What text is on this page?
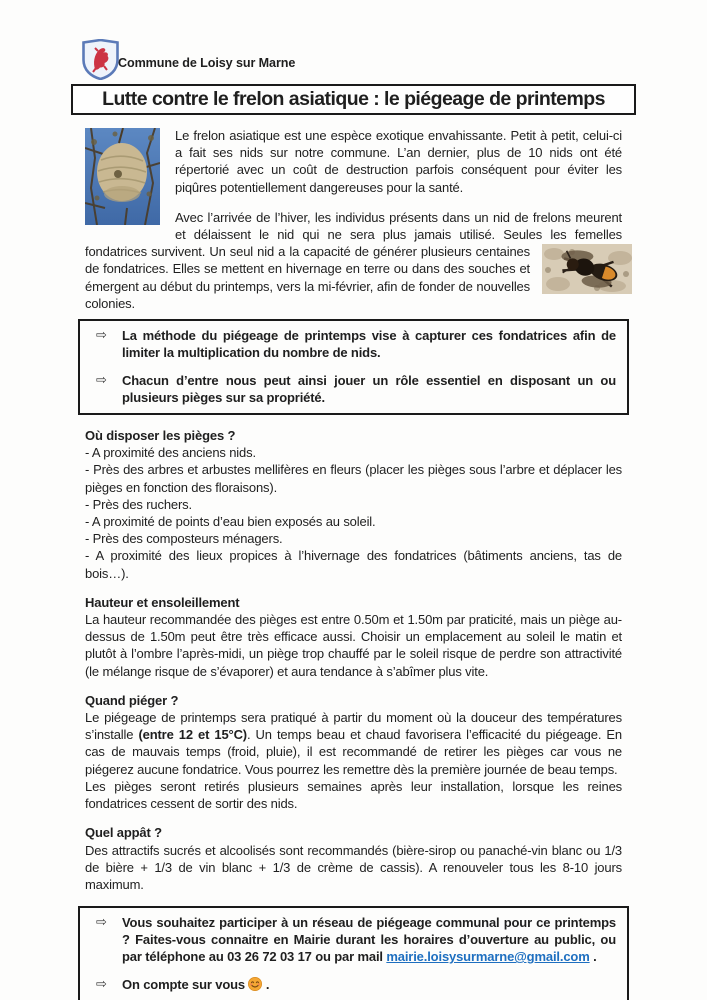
Commune de Loisy sur Marne
Lutte contre le frelon asiatique : le piégeage de printemps

Le frelon asiatique est une espèce exotique envahissante. Petit à petit, celui-ci a fait ses nids sur notre commune. L’an dernier, plus de 10 nids ont été répertorié avec un coût de destruction parfois conséquent pour éviter les piqûres potentiellement dangereuses pour la santé.

Avec l’arrivée de l’hiver, les individus présents dans un nid de frelons meurent et délaissent le nid qui ne sera plus jamais utilisé. Seules les femelles fondatrices survivent. Un seul nid a la capacité de générer plusieurs centaines de fondatrices. Elles se mettent en hivernage en terre ou dans des souches et émergent au début du printemps, vers la mi-février, afin de fonder de nouvelles colonies.

⇨	La méthode du piégeage de printemps vise à capturer ces fondatrices afin de limiter la multiplication du nombre de nids.
⇨	Chacun d’entre nous peut ainsi jouer un rôle essentiel en disposant un ou plusieurs pièges sur sa propriété.
Où disposer les pièges ?
- A proximité des anciens nids.
- Près des arbres et arbustes mellifères en fleurs (placer les pièges sous l’arbre et déplacer les pièges en fonction des floraisons).
- Près des ruchers.
- A proximité de points d’eau bien exposés au soleil.
- Près des composteurs ménagers.
- A proximité des lieux propices à l’hivernage des fondatrices (bâtiments anciens, tas de bois…).
Hauteur et ensoleillement
La hauteur recommandée des pièges est entre 0.50m et 1.50m par praticité, mais un piège au-dessus de 1.50m peut être très efficace aussi. Choisir un emplacement au soleil le matin et plutôt à l’ombre l’après-midi, un piège trop chauffé par le soleil risque de perdre son attractivité (le mélange risque de s’évaporer) et aura tendance à s’abîmer plus vite.
Quand piéger ?
Le piégeage de printemps sera pratiqué à partir du moment où la douceur des températures s’installe (entre 12 et 15°C). Un temps beau et chaud favorisera l’efficacité du piégeage. En cas de mauvais temps (froid, pluie), il est recommandé de retirer les pièges car vous ne piégerez aucune fondatrice. Vous pourrez les remettre dès la première journée de beau temps.
Les pièges seront retirés plusieurs semaines après leur installation, lorsque les reines fondatrices cessent de sortir des nids.
Quel appât ?
Des attractifs sucrés et alcoolisés sont recommandés (bière-sirop ou panaché-vin blanc ou 1/3 de bière + 1/3 de vin blanc + 1/3 de crème de cassis). A renouveler tous les 8-10 jours maximum.
⇨	Vous souhaitez participer à un réseau de piégeage communal pour ce printemps ? Faites-vous connaitre en Mairie durant les horaires d’ouverture au public, ou par téléphone au 03 26 72 03 17 ou par mail mairie.loisysurmarne@gmail.com .
⇨	On compte sur vous  .
